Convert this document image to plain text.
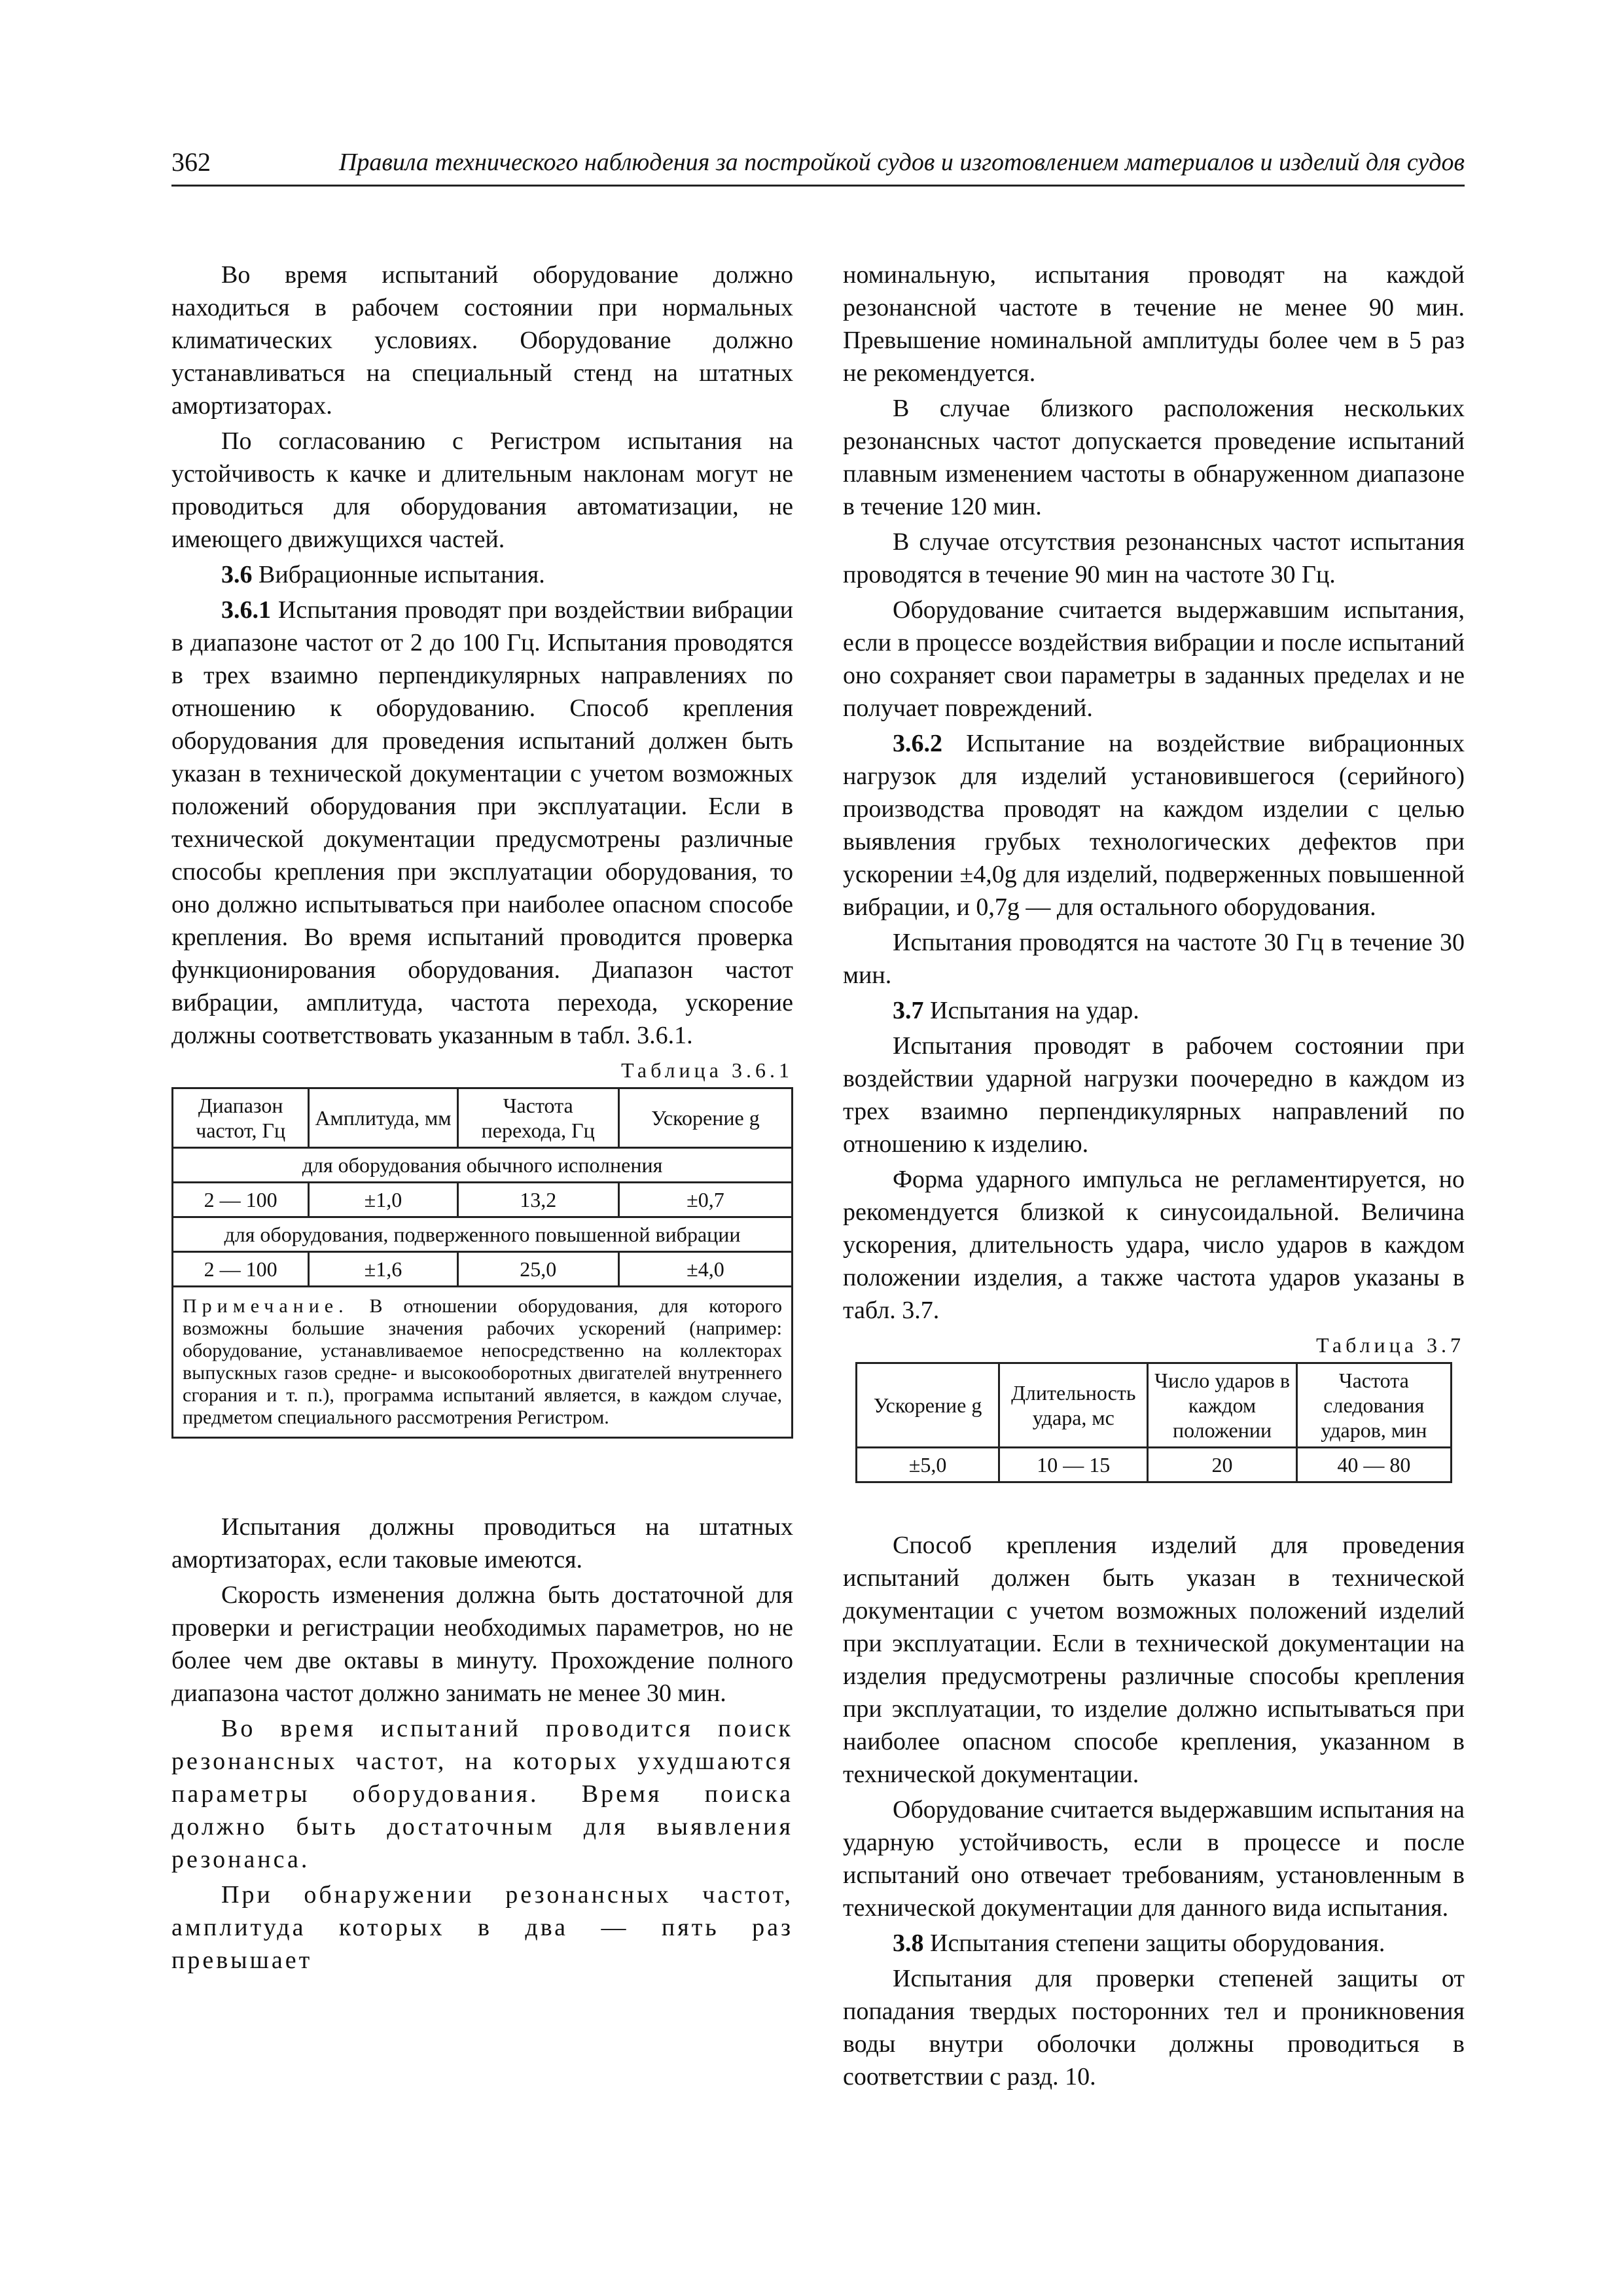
362	Правила технического наблюдения за постройкой судов и изготовлением материалов и изделий для судов

Во время испытаний оборудование должно находиться в рабочем состоянии при нормальных климатических условиях. Оборудование должно устанавливаться на специальный стенд на штатных амортизаторах.

По согласованию с Регистром испытания на устойчивость к качке и длительным наклонам могут не проводиться для оборудования автоматизации, не имеющего движущихся частей.

3.6 Вибрационные испытания.

3.6.1 Испытания проводят при воздействии вибрации в диапазоне частот от 2 до 100 Гц. Испытания проводятся в трех взаимно перпендикулярных направлениях по отношению к оборудованию. Способ крепления оборудования для проведения испытаний должен быть указан в технической документации с учетом возможных положений оборудования при эксплуатации. Если в технической документации предусмотрены различные способы крепления при эксплуатации оборудования, то оно должно испытываться при наиболее опасном способе крепления. Во время испытаний проводится проверка функционирования оборудования. Диапазон частот вибрации, амплитуда, частота перехода, ускорение должны соответствовать указанным в табл. 3.6.1.

Таблица 3.6.1
Диапазон частот, Гц	Амплитуда, мм	Частота перехода, Гц	Ускорение g
для оборудования обычного исполнения			
2 — 100	±1,0	13,2	±0,7
для оборудования, подверженного повышенной вибрации			
2 — 100	±1,6	25,0	±4,0
Примечание. В отношении оборудования, для которого возможны большие значения рабочих ускорений (например: оборудование, устанавливаемое непосредственно на коллекторах выпускных газов средне- и высокооборотных двигателей внутреннего сгорания и т. п.), программа испытаний является, в каждом случае, предметом специального рассмотрения Регистром.			

Испытания должны проводиться на штатных амортизаторах, если таковые имеются.

Скорость изменения должна быть достаточной для проверки и регистрации необходимых параметров, но не более чем две октавы в минуту. Прохождение полного диапазона частот должно занимать не менее 30 мин.

Во время испытаний проводится поиск резонансных частот, на которых ухудшаются параметры оборудования. Время поиска должно быть достаточным для выявления резонанса.

При обнаружении резонансных частот, амплитуда которых в два — пять раз превышает

номинальную, испытания проводят на каждой резонансной частоте в течение не менее 90 мин. Превышение номинальной амплитуды более чем в 5 раз не рекомендуется.

В случае близкого расположения нескольких резонансных частот допускается проведение испытаний плавным изменением частоты в обнаруженном диапазоне в течение 120 мин.

В случае отсутствия резонансных частот испытания проводятся в течение 90 мин на частоте 30 Гц.

Оборудование считается выдержавшим испытания, если в процессе воздействия вибрации и после испытаний оно сохраняет свои параметры в заданных пределах и не получает повреждений.

3.6.2 Испытание на воздействие вибрационных нагрузок для изделий установившегося (серийного) производства проводят на каждом изделии с целью выявления грубых технологических дефектов при ускорении ±4,0g для изделий, подверженных повышенной вибрации, и 0,7g — для остального оборудования.

Испытания проводятся на частоте 30 Гц в течение 30 мин.

3.7 Испытания на удар.

Испытания проводят в рабочем состоянии при воздействии ударной нагрузки поочередно в каждом из трех взаимно перпендикулярных направлений по отношению к изделию.

Форма ударного импульса не регламентируется, но рекомендуется близкой к синусоидальной. Величина ускорения, длительность удара, число ударов в каждом положении изделия, а также частота ударов указаны в табл. 3.7.

Таблица 3.7
Ускорение g	Длительность удара, мс	Число ударов в каждом положении	Частота следования ударов, мин
±5,0	10 — 15	20	40 — 80

Способ крепления изделий для проведения испытаний должен быть указан в технической документации с учетом возможных положений изделий при эксплуатации. Если в технической документации на изделия предусмотрены различные способы крепления при эксплуатации, то изделие должно испытываться при наиболее опасном способе крепления, указанном в технической документации.

Оборудование считается выдержавшим испытания на ударную устойчивость, если в процессе и после испытаний оно отвечает требованиям, установленным в технической документации для данного вида испытания.

3.8 Испытания степени защиты оборудования.

Испытания для проверки степеней защиты от попадания твердых посторонних тел и проникновения воды внутри оболочки должны проводиться в соответствии с разд. 10.
